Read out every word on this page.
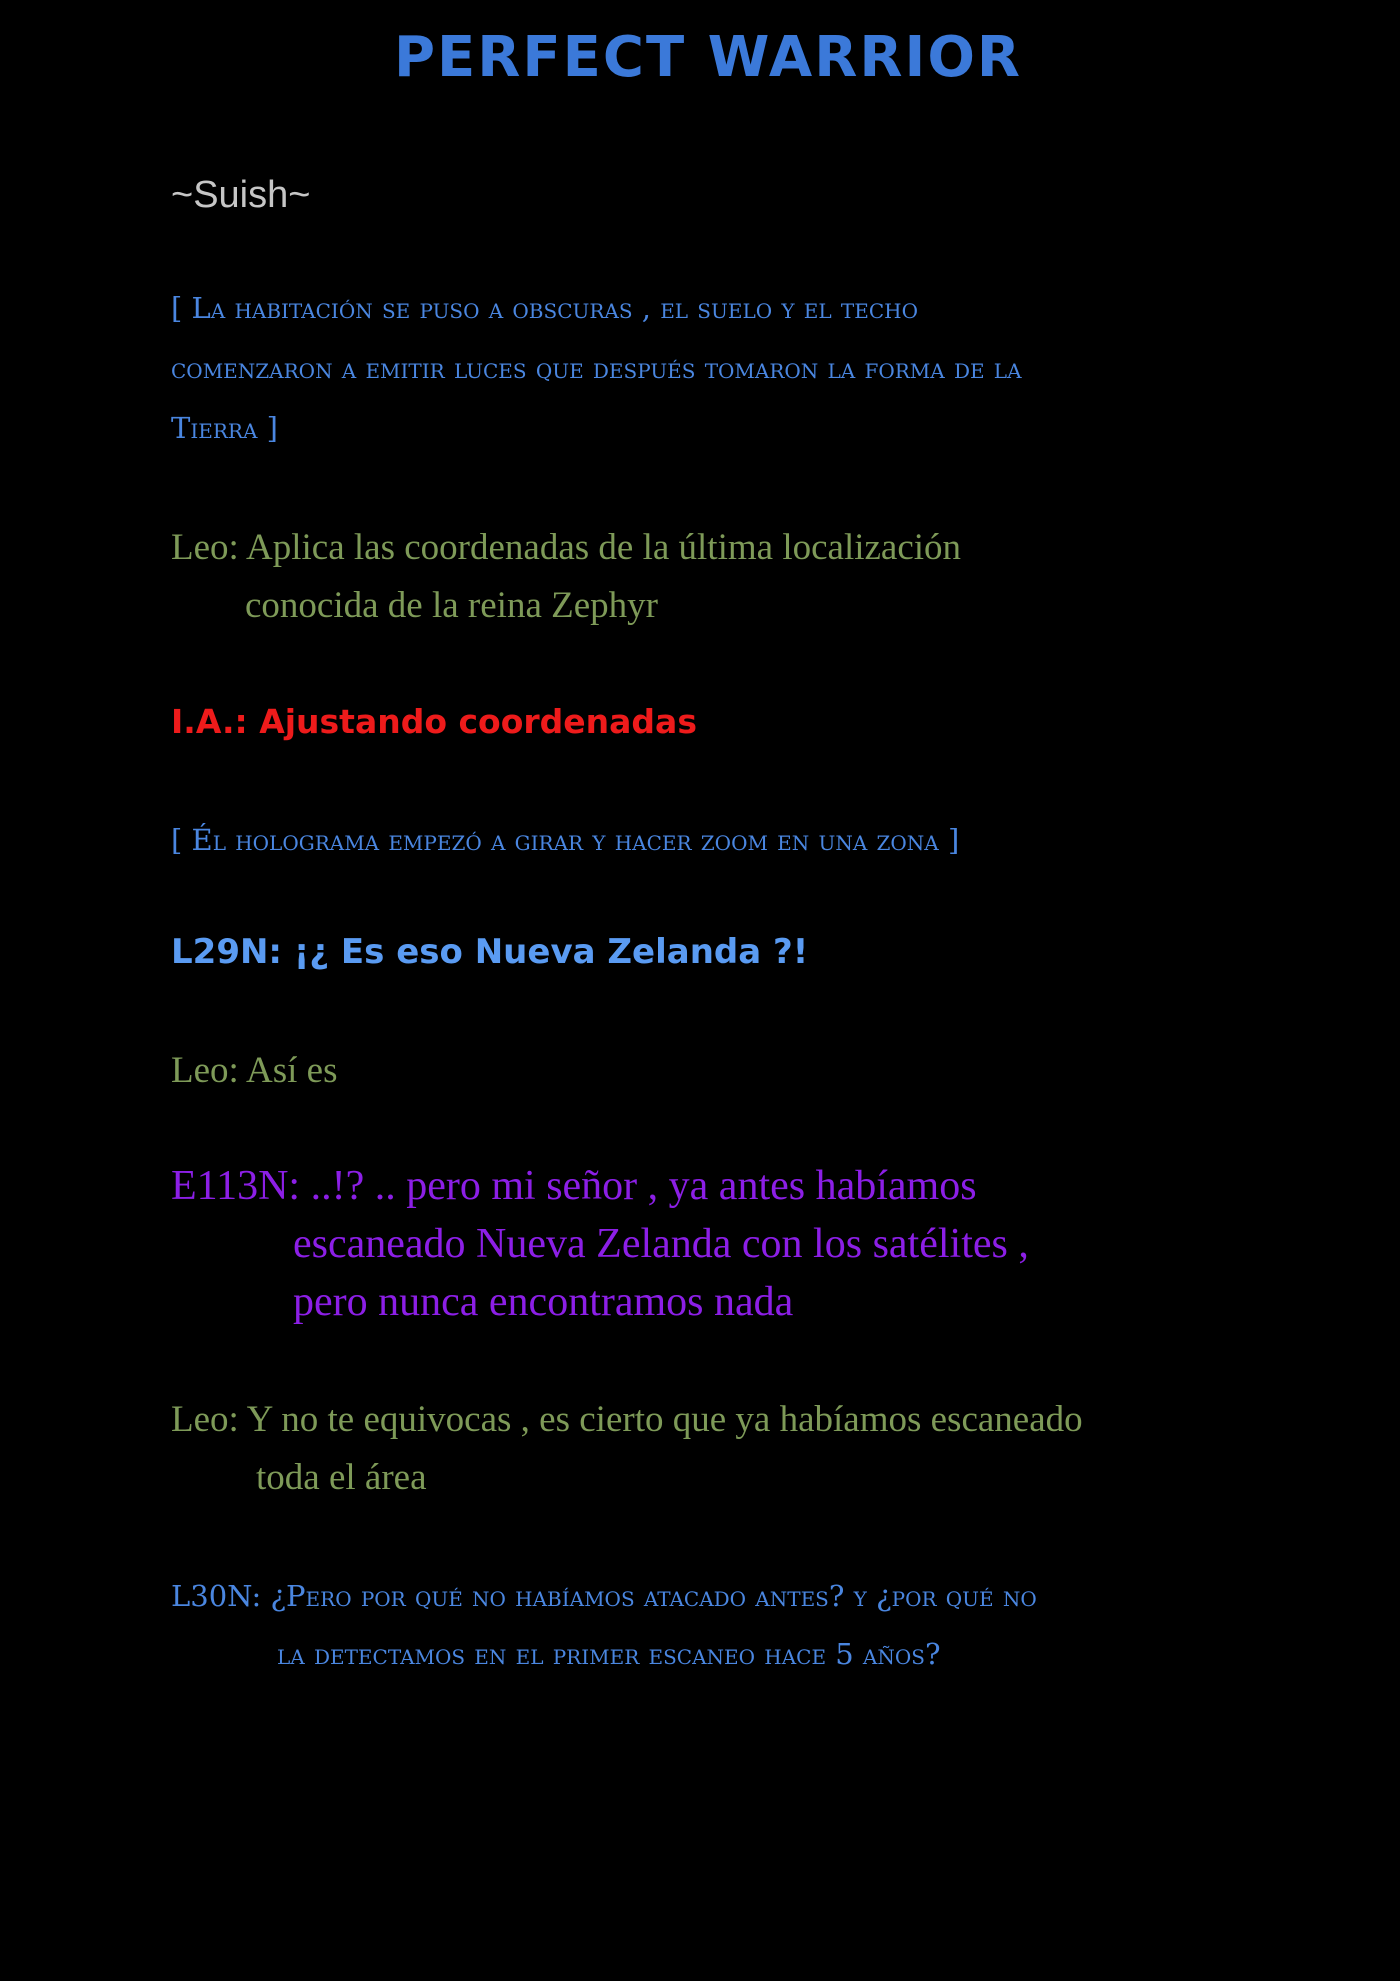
PERFECT WARRIOR
~Suish~
[ La habitación se puso a obscuras , el suelo y el techo
comenzaron a emitir luces que después tomaron la forma de la
Tierra ]
Leo: Aplica las coordenadas de la última localización
conocida de la reina Zephyr
I.A.: Ajustando coordenadas
[ Él holograma empezó a girar y hacer zoom en una zona ]
L29N: ¡¿ Es eso Nueva Zelanda ?!
Leo: Así es
E113N: ..!? .. pero mi señor , ya antes habíamos
escaneado Nueva Zelanda con los satélites ,
pero nunca encontramos nada
Leo: Y no te equivocas , es cierto que ya habíamos escaneado
toda el área
L30N: ¿Pero por qué no habíamos atacado antes? y ¿por qué no
la detectamos en el primer escaneo hace 5 años?
